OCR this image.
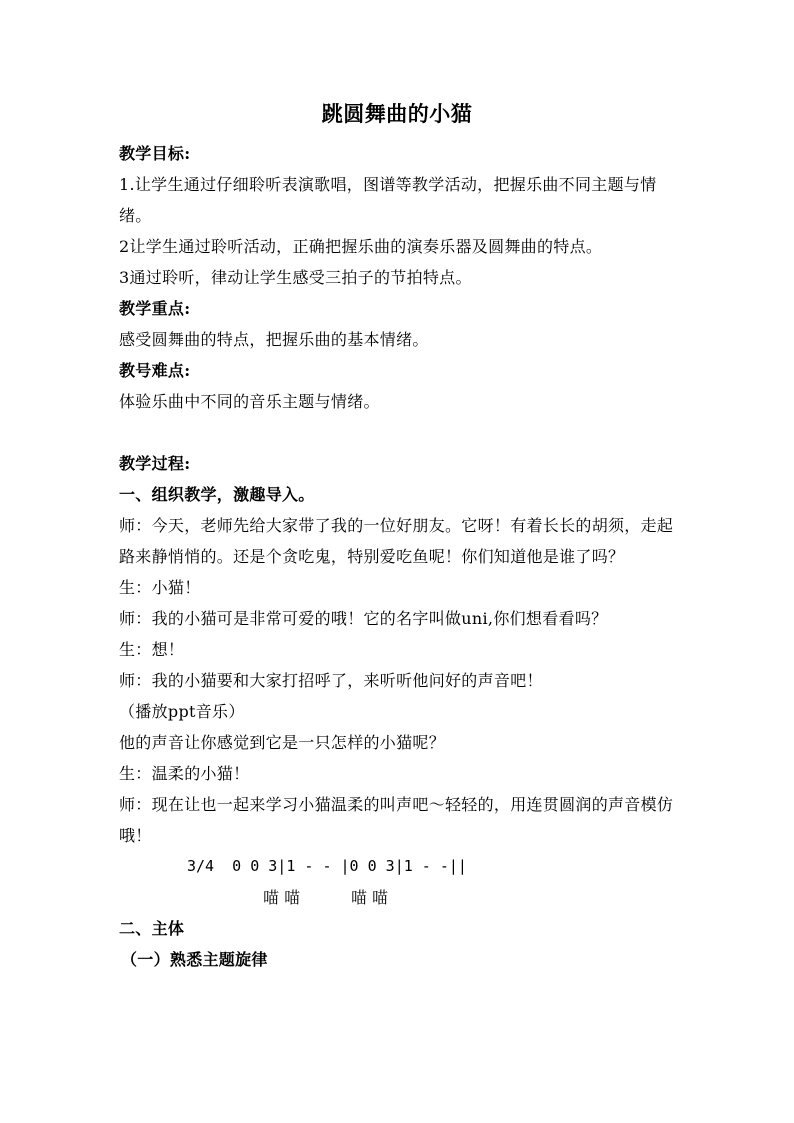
跳圆舞曲的小猫
教学目标:
1.让学生通过仔细聆听表演歌唱，图谱等教学活动，把握乐曲不同主题与情绪。
2让学生通过聆听活动，正确把握乐曲的演奏乐器及圆舞曲的特点。
3通过聆听，律动让学生感受三拍子的节拍特点。
教学重点:
感受圆舞曲的特点，把握乐曲的基本情绪。
教号难点:
体验乐曲中不同的音乐主题与情绪。
教学过程:
一、组织教学，激趣导入。
师：今天，老师先给大家带了我的一位好朋友。它呀！有着长长的胡须，走起路来静悄悄的。还是个贪吃鬼，特别爱吃鱼呢！你们知道他是谁了吗？
生：小猫！
师：我的小猫可是非常可爱的哦！它的名字叫做uni,你们想看看吗？
生：想！
师：我的小猫要和大家打招呼了，来听听他问好的声音吧！
（播放ppt音乐）
他的声音让你感觉到它是一只怎样的小猫呢？
生：温柔的小猫！
师：现在让也一起来学习小猫温柔的叫声吧～轻轻的，用连贯圆润的声音模仿哦！
3/4  0 0 3|1 - - |0 0 3|1 - -||
喵 喵          喵 喵
二、主体
（一）熟悉主题旋律
